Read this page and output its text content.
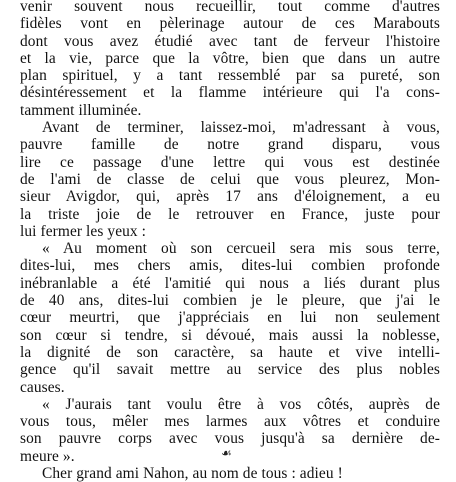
venir souvent nous recueillir, tout comme d'autres
fidèles vont en pèlerinage autour de ces Marabouts
dont vous avez étudié avec tant de ferveur l'histoire
et la vie, parce que la vôtre, bien que dans un autre
plan spirituel, y a tant ressemblé par sa pureté, son
désintéressement et la flamme intérieure qui l'a cons-
tamment illuminée.
Avant de terminer, laissez-moi, m'adressant à vous,
pauvre famille de notre grand disparu, vous
lire ce passage d'une lettre qui vous est destinée
de l'ami de classe de celui que vous pleurez, Mon-
sieur Avigdor, qui, après 17 ans d'éloignement, a eu
la triste joie de le retrouver en France, juste pour
lui fermer les yeux :
« Au moment où son cercueil sera mis sous terre,
dites-lui, mes chers amis, dites-lui combien profonde
inébranlable a été l'amitié qui nous a liés durant plus
de 40 ans, dites-lui combien je le pleure, que j'ai le
cœur meurtri, que j'appréciais en lui non seulement
son cœur si tendre, si dévoué, mais aussi la noblesse,
la dignité de son caractère, sa haute et vive intelli-
gence qu'il savait mettre au service des plus nobles
causes.
« J'aurais tant voulu être à vos côtés, auprès de
vous tous, mêler mes larmes aux vôtres et conduire
son pauvre corps avec vous jusqu'à sa dernière de-
meure ».
Cher grand ami Nahon, au nom de tous : adieu !
☙
